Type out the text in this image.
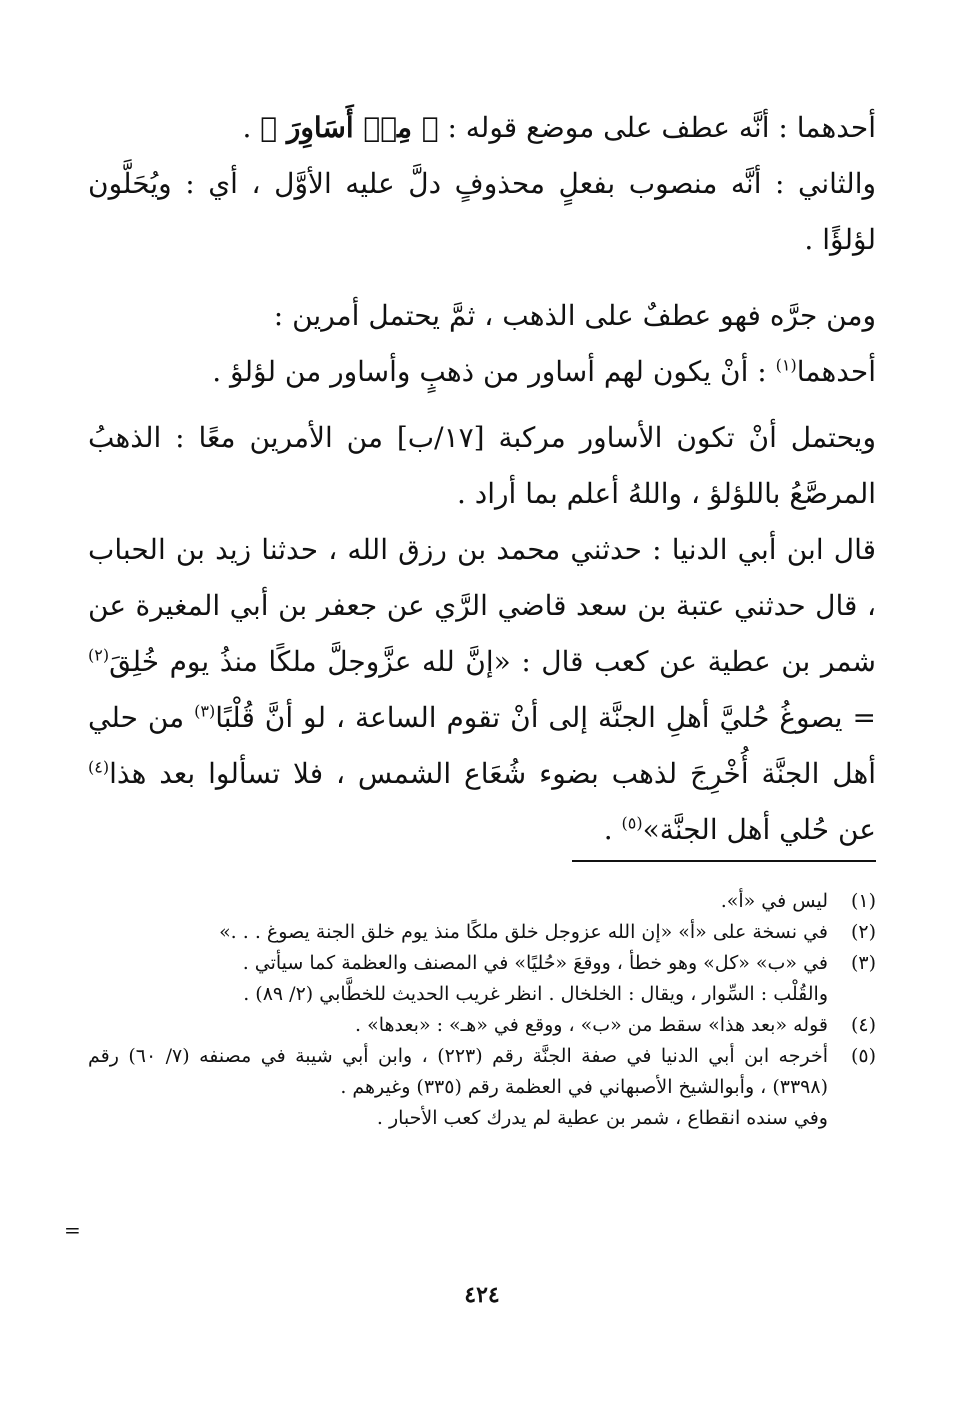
أحدهما : أنَّه عطف على موضع قوله : ﴿ مِنۡ أَسَاوِرَ ﴾ .

والثاني : أنَّه منصوب بفعلٍ محذوفٍ دلَّ عليه الأوَّل ، أي : ويُحَلَّون لؤلؤًا .

ومن جرَّه فهو عطفٌ على الذهب ، ثمَّ يحتمل أمرين :

أحدهما$^{(١)}$ : أنْ يكون لهم أساور من ذهبٍ وأساور من لؤلؤ .

ويحتمل أنْ تكون الأساور مركبة [١٧/ب] من الأمرين معًا : الذهبُ المرصَّعُ باللؤلؤ ، واللهُ أعلم بما أراد .

قال ابن أبي الدنيا : حدثني محمد بن رزق الله ، حدثنا زيد بن الحباب ، قال حدثني عتبة بن سعد قاضي الرَّي عن جعفر بن أبي المغيرة عن شمر بن عطية عن كعب قال : «إنَّ لله عزَّوجلَّ ملكًا منذُ يوم خُلِقَ$^{(٢)}$ = يصوغُ حُليَّ أهلِ الجنَّة إلى أنْ تقوم الساعة ، لو أنَّ قُلْبًا$^{(٣)}$ من حلي أهل الجنَّة أُخْرِجَ لذهب بضوء شُعَاع الشمس ، فلا تسألوا بعد هذا$^{(٤)}$ عن حُلي أهل الجنَّة»$^{(٥)}$ .

(١)
ليس في «أ».
(٢)
في نسخة على «أ» «إن الله عزوجل خلق ملكًا منذ يوم خلق الجنة يصوغ . . .»
(٣)
في «ب» «كل» وهو خطأ ، ووقعَ «حُليًا» في المصنف والعظمة كما سيأتي .
والقُلْب : السِّوار ، ويقال : الخلخال . انظر غريب الحديث للخطَّابي (٢/ ٨٩) .
(٤)
قوله «بعد هذا» سقط من «ب» ، ووقع في «هـ» : «بعدها» .
(٥)
أخرجه ابن أبي الدنيا في صفة الجنَّة رقم (٢٢٣) ، وابن أبي شيبة في مصنفه (٧/ ٦٠) رقم (٣٣٩٨) ، وأبوالشيخ الأصبهاني في العظمة رقم (٣٣٥) وغيرهم .
وفي سنده انقطاع ، شمر بن عطية لم يدرك كعب الأحبار .
=
٤٢٤
